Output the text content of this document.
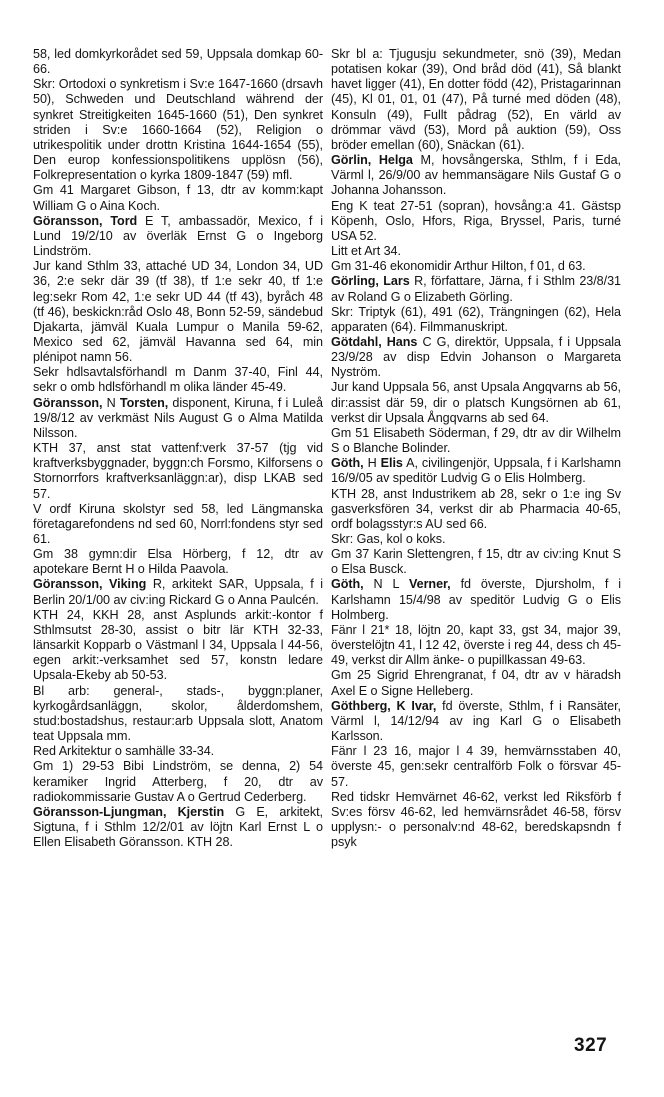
58, led domkyrkorådet sed 59, Uppsala domkap 60-66.

Skr: Ortodoxi o synkretism i Sv:e 1647-1660 (drsavh 50), Schweden und Deutschland während der synkret Streitigkeiten 1645-1660 (51), Den synkret striden i Sv:e 1660-1664 (52), Religion o utrikespolitik under drottn Kristina 1644-1654 (55), Den europ konfessionspolitikens upplösn (56), Folkrepresentation o kyrka 1809-1847 (59) mfl.

Gm 41 Margaret Gibson, f 13, dtr av komm:kapt William G o Aina Koch.

Göransson, Tord E T, ambassadör, Mexico, f i Lund 19/2/10 av överläk Ernst G o Ingeborg Lindström.

Jur kand Sthlm 33, attaché UD 34, London 34, UD 36, 2:e sekr där 39 (tf 38), tf 1:e sekr 40, tf 1:e leg:sekr Rom 42, 1:e sekr UD 44 (tf 43), byråch 48 (tf 46), beskickn:råd Oslo 48, Bonn 52-59, sändebud Djakarta, jämväl Kuala Lumpur o Manila 59-62, Mexico sed 62, jämväl Havanna sed 64, min plénipot namn 56.

Sekr hdlsavtalsförhandl m Danm 37-40, Finl 44, sekr o omb hdlsförhandl m olika länder 45-49.

Göransson, N Torsten, disponent, Kiruna, f i Luleå 19/8/12 av verkmäst Nils August G o Alma Matilda Nilsson.

KTH 37, anst stat vattenf:verk 37-57 (tjg vid kraftverksbyggnader, byggn:ch Forsmo, Kilforsens o Stornorrfors kraftverksanläggn:ar), disp LKAB sed 57.

V ordf Kiruna skolstyr sed 58, led Längmanska företagarefondens nd sed 60, Norrl:fondens styr sed 61.

Gm 38 gymn:dir Elsa Hörberg, f 12, dtr av apotekare Bernt H o Hilda Paavola.

Göransson, Viking R, arkitekt SAR, Uppsala, f i Berlin 20/1/00 av civ:ing Rickard G o Anna Paulcén.

KTH 24, KKH 28, anst Asplunds arkit:-kontor f Sthlmsutst 28-30, assist o bitr lär KTH 32-33, länsarkit Kopparb o Västmanl l 34, Uppsala l 44-56, egen arkit:-verksamhet sed 57, konstn ledare Upsala-Ekeby ab 50-53.

Bl arb: general-, stads-, byggn:planer, kyrkogårdsanläggn, skolor, ålderdomshem, stud:bostadshus, restaur:arb Uppsala slott, Anatom teat Uppsala mm.

Red Arkitektur o samhälle 33-34.

Gm 1) 29-53 Bibi Lindström, se denna, 2) 54 keramiker Ingrid Atterberg, f 20, dtr av radiokommissarie Gustav A o Gertrud Cederberg.

Göransson-Ljungman, Kjerstin G E, arkitekt, Sigtuna, f i Sthlm 12/2/01 av löjtn Karl Ernst L o Ellen Elisabeth Göransson. KTH 28.

Skr bl a: Tjugusju sekundmeter, snö (39), Medan potatisen kokar (39), Ond bråd död (41), Så blankt havet ligger (41), En dotter född (42), Pristagarinnan (45), Kl 01, 01, 01 (47), På turné med döden (48), Konsuln (49), Fullt pådrag (52), En värld av drömmar vävd (53), Mord på auktion (59), Oss bröder emellan (60), Snäckan (61).

Görlin, Helga M, hovsångerska, Sthlm, f i Eda, Värml l, 26/9/00 av hemmansägare Nils Gustaf G o Johanna Johansson.

Eng K teat 27-51 (sopran), hovsång:a 41. Gästsp Köpenh, Oslo, Hfors, Riga, Bryssel, Paris, turné USA 52.

Litt et Art 34.

Gm 31-46 ekonomidir Arthur Hilton, f 01, d 63.

Görling, Lars R, författare, Järna, f i Sthlm 23/8/31 av Roland G o Elizabeth Görling.

Skr: Triptyk (61), 491 (62), Trängningen (62), Hela apparaten (64). Filmmanuskript.

Götdahl, Hans C G, direktör, Uppsala, f i Uppsala 23/9/28 av disp Edvin Johanson o Margareta Nyström.

Jur kand Uppsala 56, anst Upsala Angqvarns ab 56, dir:assist där 59, dir o platsch Kungsörnen ab 61, verkst dir Upsala Ångqvarns ab sed 64.

Gm 51 Elisabeth Söderman, f 29, dtr av dir Wilhelm S o Blanche Bolinder.

Göth, H Elis A, civilingenjör, Uppsala, f i Karlshamn 16/9/05 av speditör Ludvig G o Elis Holmberg.

KTH 28, anst Industrikem ab 28, sekr o 1:e ing Sv gasverksfören 34, verkst dir ab Pharmacia 40-65, ordf bolagsstyr:s AU sed 66.

Skr: Gas, kol o koks.

Gm 37 Karin Slettengren, f 15, dtr av civ:ing Knut S o Elsa Busck.

Göth, N L Verner, fd överste, Djursholm, f i Karlshamn 15/4/98 av speditör Ludvig G o Elis Holmberg.

Fänr l 21* 18, löjtn 20, kapt 33, gst 34, major 39, överstelöjtn 41, l 12 42, överste i reg 44, dess ch 45-49, verkst dir Allm änke- o pupillkassan 49-63.

Gm 25 Sigrid Ehrengranat, f 04, dtr av v häradsh Axel E o Signe Helleberg.

Göthberg, K Ivar, fd överste, Sthlm, f i Ransäter, Värml l, 14/12/94 av ing Karl G o Elisabeth Karlsson.

Fänr l 23 16, major l 4 39, hemvärnsstaben 40, överste 45, gen:sekr centralförb Folk o försvar 45-57.

Red tidskr Hemvärnet 46-62, verkst led Riksförb f Sv:es försv 46-62, led hemvärnsrådet 46-58, försv upplysn:- o personalv:nd 48-62, beredskapsndn f psyk

327
